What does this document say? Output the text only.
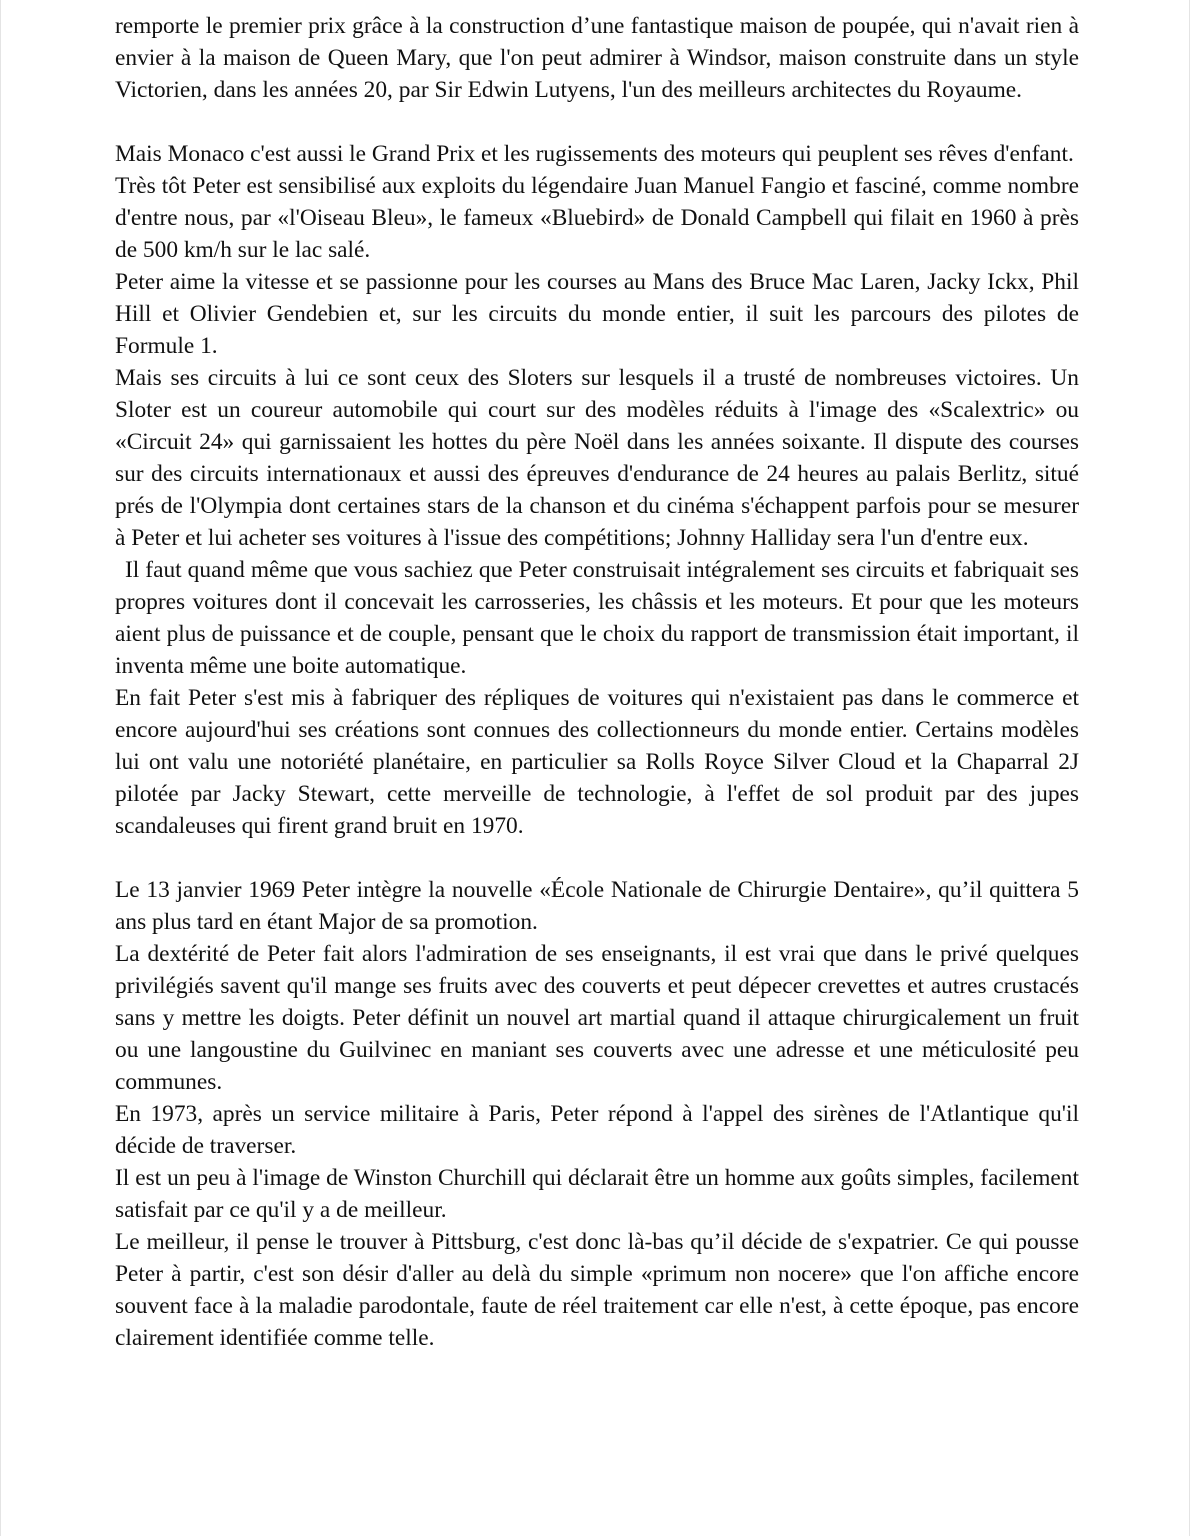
remporte le premier prix grâce à la construction d’une fantastique maison de poupée, qui n'avait rien à envier à la maison de Queen Mary, que l'on peut admirer à Windsor, maison construite dans un style Victorien, dans les années 20, par Sir Edwin Lutyens, l'un des meilleurs architectes du Royaume.

Mais Monaco c'est aussi le Grand Prix et les rugissements des moteurs qui peuplent ses rêves d'enfant.

Très tôt Peter est sensibilisé aux exploits du légendaire Juan Manuel Fangio et fasciné, comme nombre d'entre nous, par «l'Oiseau Bleu», le fameux «Bluebird» de Donald Campbell qui filait en 1960 à près de 500 km/h sur le lac salé.

Peter aime la vitesse et se passionne pour les courses au Mans des Bruce Mac Laren, Jacky Ickx, Phil Hill et Olivier Gendebien et, sur les circuits du monde entier, il suit les parcours des pilotes de Formule 1.

Mais ses circuits à lui ce sont ceux des Sloters sur lesquels il a trusté de nombreuses victoires. Un Sloter est un coureur automobile qui court sur des modèles réduits à l'image des «Scalextric» ou «Circuit 24» qui garnissaient les hottes du père Noël dans les années soixante. Il dispute des courses sur des circuits internationaux et aussi des épreuves d'endurance de 24 heures au palais Berlitz, situé prés de l'Olympia dont certaines stars de la chanson et du cinéma s'échappent parfois pour se mesurer à Peter et lui acheter ses voitures à l'issue des compétitions; Johnny Halliday sera l'un d'entre eux.

Il faut quand même que vous sachiez que Peter construisait intégralement ses circuits et fabriquait ses propres voitures dont il concevait les carrosseries, les châssis et les moteurs. Et pour que les moteurs aient plus de puissance et de couple, pensant que le choix du rapport de transmission était important, il inventa même une boite automatique.

En fait Peter s'est mis à fabriquer des répliques de voitures qui n'existaient pas dans le commerce et encore aujourd'hui ses créations sont connues des collectionneurs du monde entier. Certains modèles lui ont valu une notoriété planétaire, en particulier sa Rolls Royce Silver Cloud et la Chaparral 2J pilotée par Jacky Stewart, cette merveille de technologie, à l'effet de sol produit par des jupes scandaleuses qui firent grand bruit en 1970.

Le 13 janvier 1969 Peter intègre la nouvelle «École Nationale de Chirurgie Dentaire», qu’il quittera 5 ans plus tard en étant Major de sa promotion.

La dextérité de Peter fait alors l'admiration de ses enseignants, il est vrai que dans le privé quelques privilégiés savent qu'il mange ses fruits avec des couverts et peut dépecer crevettes et autres crustacés sans y mettre les doigts. Peter définit un nouvel art martial quand il attaque chirurgicalement un fruit ou une langoustine du Guilvinec en maniant ses couverts avec une adresse et une méticulosité peu communes.

En 1973, après un service militaire à Paris, Peter répond à l'appel des sirènes de l'Atlantique qu'il décide de traverser.

Il est un peu à l'image de Winston Churchill qui déclarait être un homme aux goûts simples, facilement satisfait par ce qu'il y a de meilleur.

Le meilleur, il pense le trouver à Pittsburg, c'est donc là-bas qu’il décide de s'expatrier. Ce qui pousse Peter à partir, c'est son désir d'aller au delà du simple «primum non nocere» que l'on affiche encore souvent face à la maladie parodontale, faute de réel traitement car elle n'est, à cette époque, pas encore clairement identifiée comme telle.
